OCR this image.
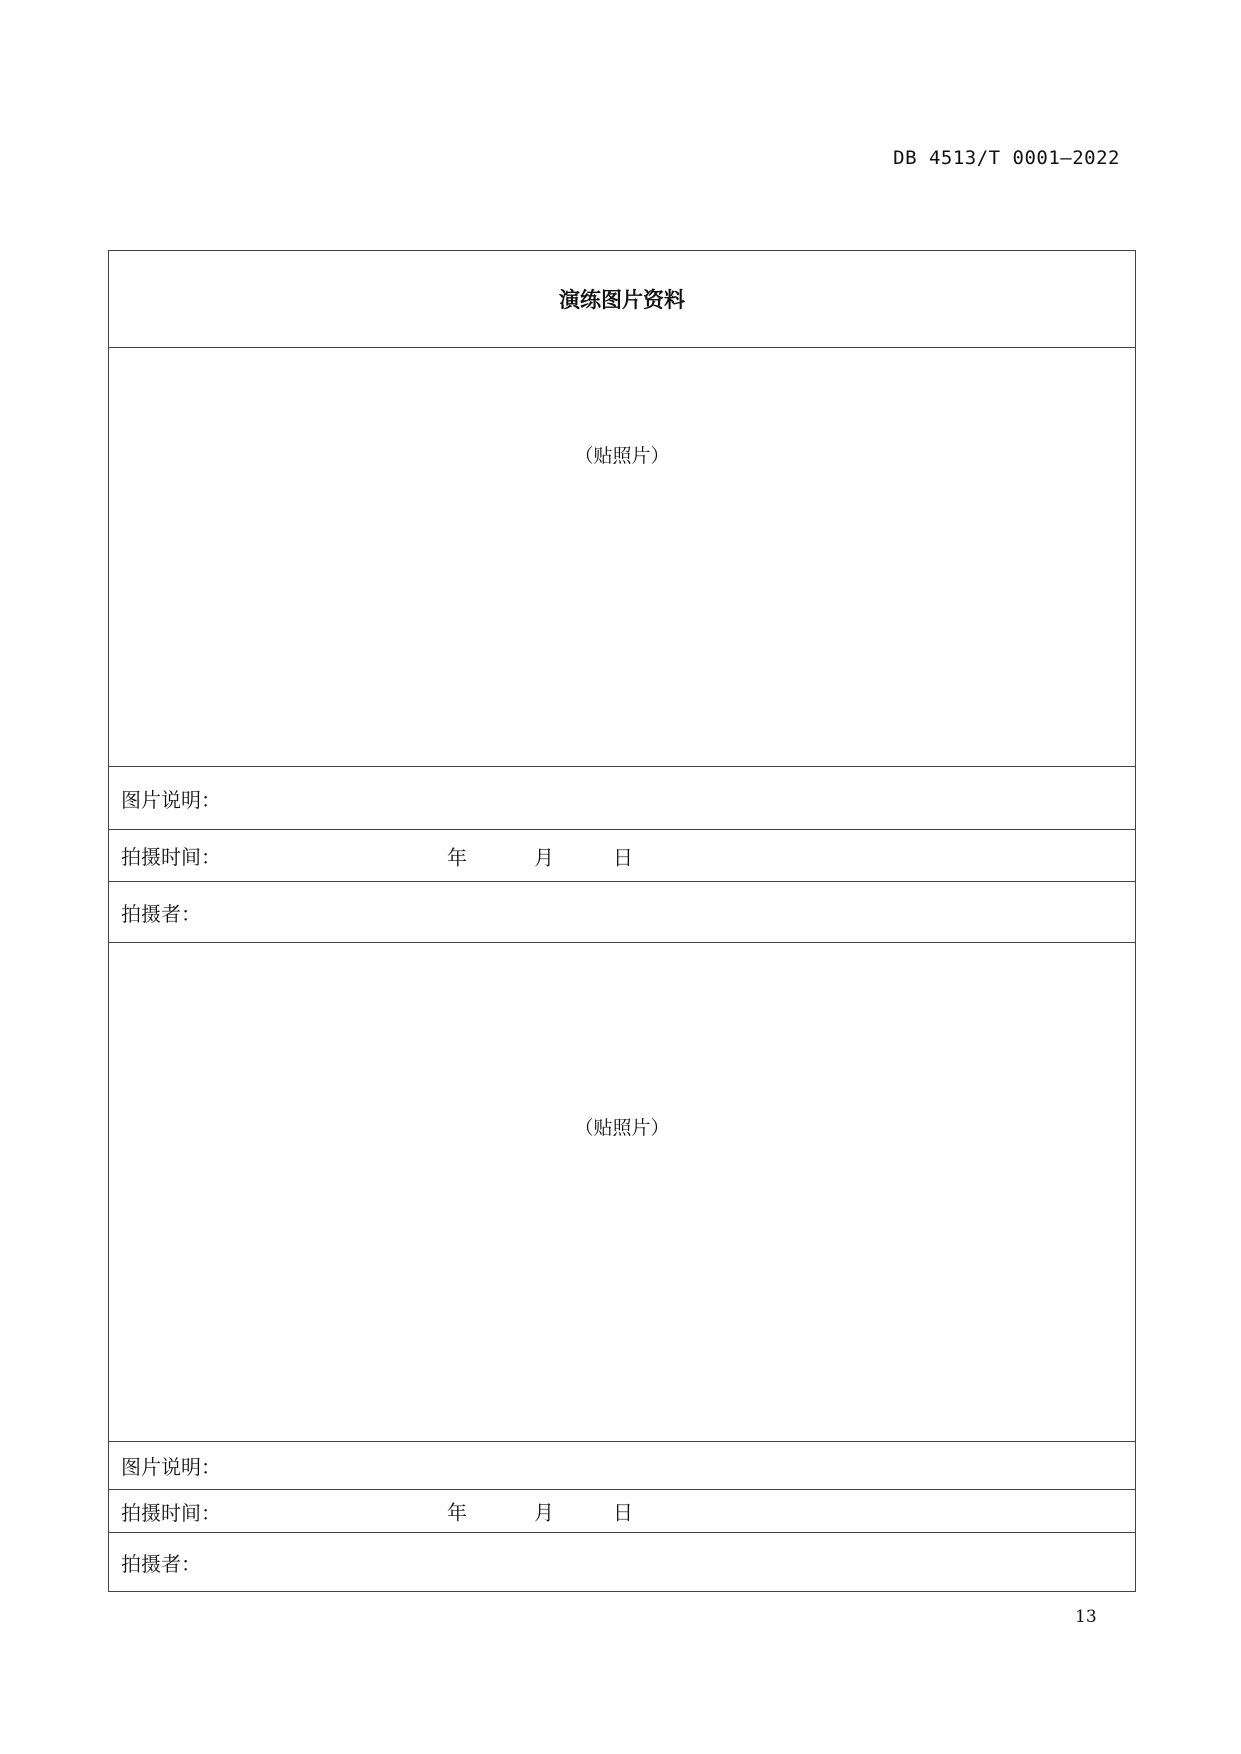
DB 4513/T 0001—2022
演练图片资料
（贴照片）
图片说明：
拍摄时间：	年	月	日
拍摄者：
（贴照片）
图片说明：
拍摄时间：	年	月	日
拍摄者：
13
